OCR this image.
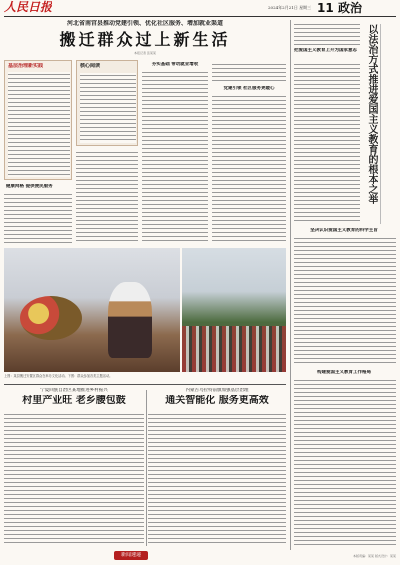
人民日报	2024年2月21日 星期三 11 政治
河北省南宫县推动党建引领、优化社区服务、增加就业渠道
搬迁群众过上新生活
本报记者 张某某
基层治理新实践
健康网格 提供便民服务
核心阅读	夯实基础 带动就业增收
党建引领 社区服务更暖心
上图：某县搬迁安置区群众在举办文化活动。下图：群众参加各类主题活动。
宁夏回族自治区某地推进乡村振兴
村里产业旺 老乡腰包鼓
内蒙古乌拉特前旗加强基层治理
通关智能化 服务更高效
把爱国主义教育上升为国家意志 以法治方式推进爱国主义教育的根本之举
坚决认识爱国主义教育的科学主旨
构建爱国主义教育工作格局
新闻速递	本版责编：某某 版式设计：某某
